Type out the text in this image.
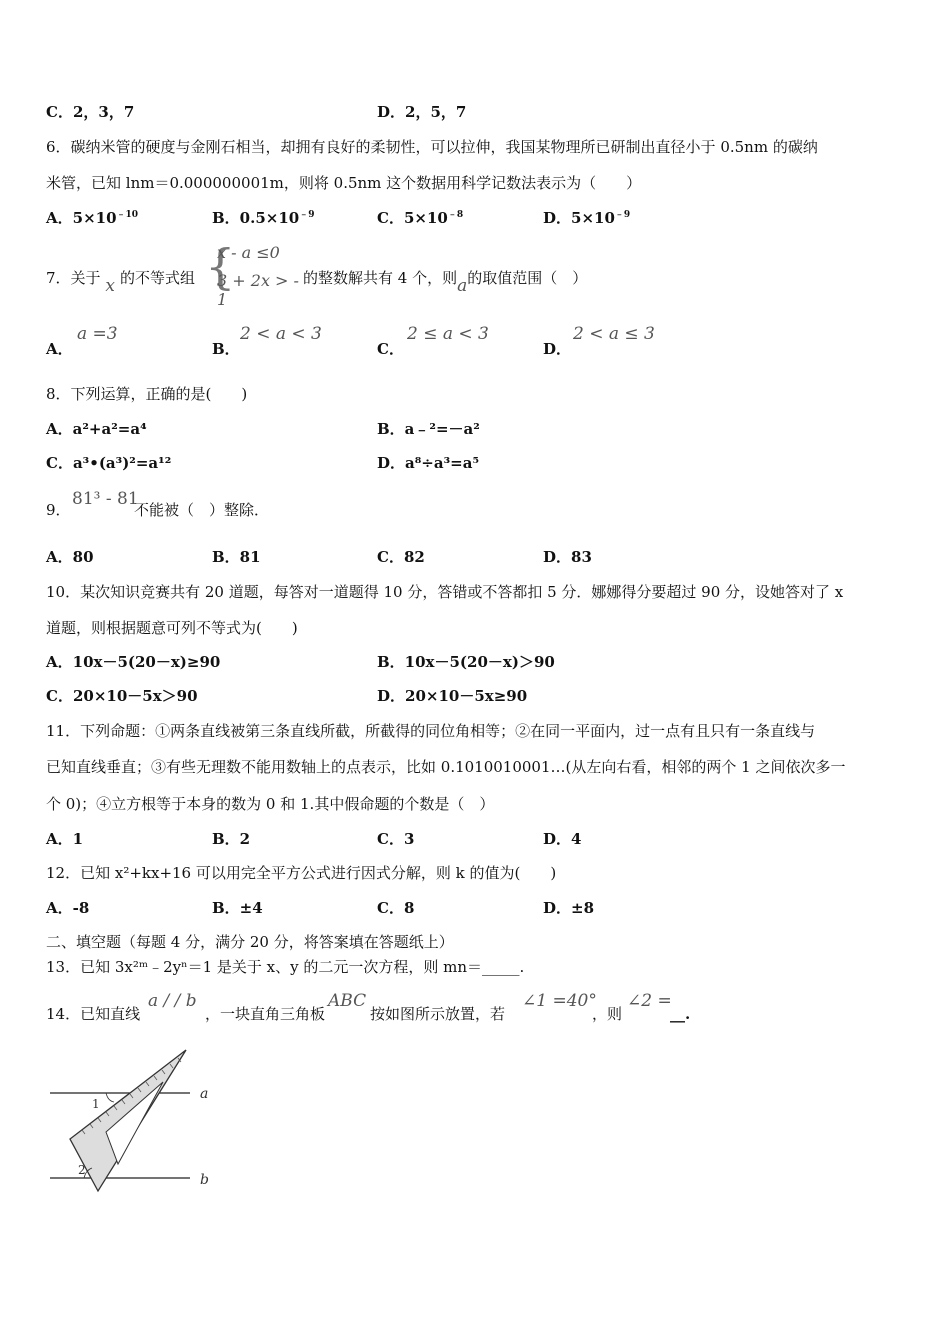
C．2，3，7	D．2，5，7
6．碳纳米管的硬度与金刚石相当，却拥有良好的柔韧性，可以拉伸，我国某物理所已研制出直径小于 0.5nm 的碳纳
米管，已知 lnm＝0.000000001m，则将 0.5nm 这个数据用科学记数法表示为（　　）
A．$5\times 10^{﹣10}$	B．$0.5\times 10^{﹣9}$	C．$5\times 10^{﹣8}$	D．$5\times 10^{﹣9}$
7．关于 x 的不等式组 {
x - a ≤0
3 + 2x > - 1
的整数解共有 4 个，则a的取值范围（　）
A．
a =3
B．
2 < a < 3
C．
2 ≤ a < 3
D．
2 < a ≤ 3
8．下列运算，正确的是(　　)
A．a²+a²=a⁴	B．a﹣²=－a²
C．a³•(a³)²=a¹²	D．a⁸÷a³=a⁵
9．
81³ - 81
不能被（　）整除．
A．80	B．81	C．82	D．83
10．某次知识竞赛共有 20 道题，每答对一道题得 10 分，答错或不答都扣 5 分．娜娜得分要超过 90 分，设她答对了 x
道题，则根据题意可列不等式为(　　)
A．10x－5(20－x)≥90	B．10x－5(20－x)＞90
C．20×10－5x＞90	D．20×10－5x≥90
11．下列命题：①两条直线被第三条直线所截，所截得的同位角相等；②在同一平面内，过一点有且只有一条直线与
已知直线垂直；③有些无理数不能用数轴上的点表示，比如 0.1010010001…(从左向右看，相邻的两个 1 之间依次多一
个 0)；④立方根等于本身的数为 0 和 1.其中假命题的个数是（　）
A．1	B．2	C．3	D．4
12．已知 x²+kx+16 可以用完全平方公式进行因式分解，则 k 的值为(　　)
A．-8	B．±4	C．8	D．±8
二、填空题（每题 4 分，满分 20 分，将答案填在答题纸上）
13．已知 3x²ᵐ﹣2yⁿ＝1 是关于 x、y 的二元一次方程，则 mn＝_____.
14．已知直线
a / / b
，一块直角三角板
ABC
按如图所示放置，若
∠1 =40°
，则
∠2 =
__.
a
b
1
2
